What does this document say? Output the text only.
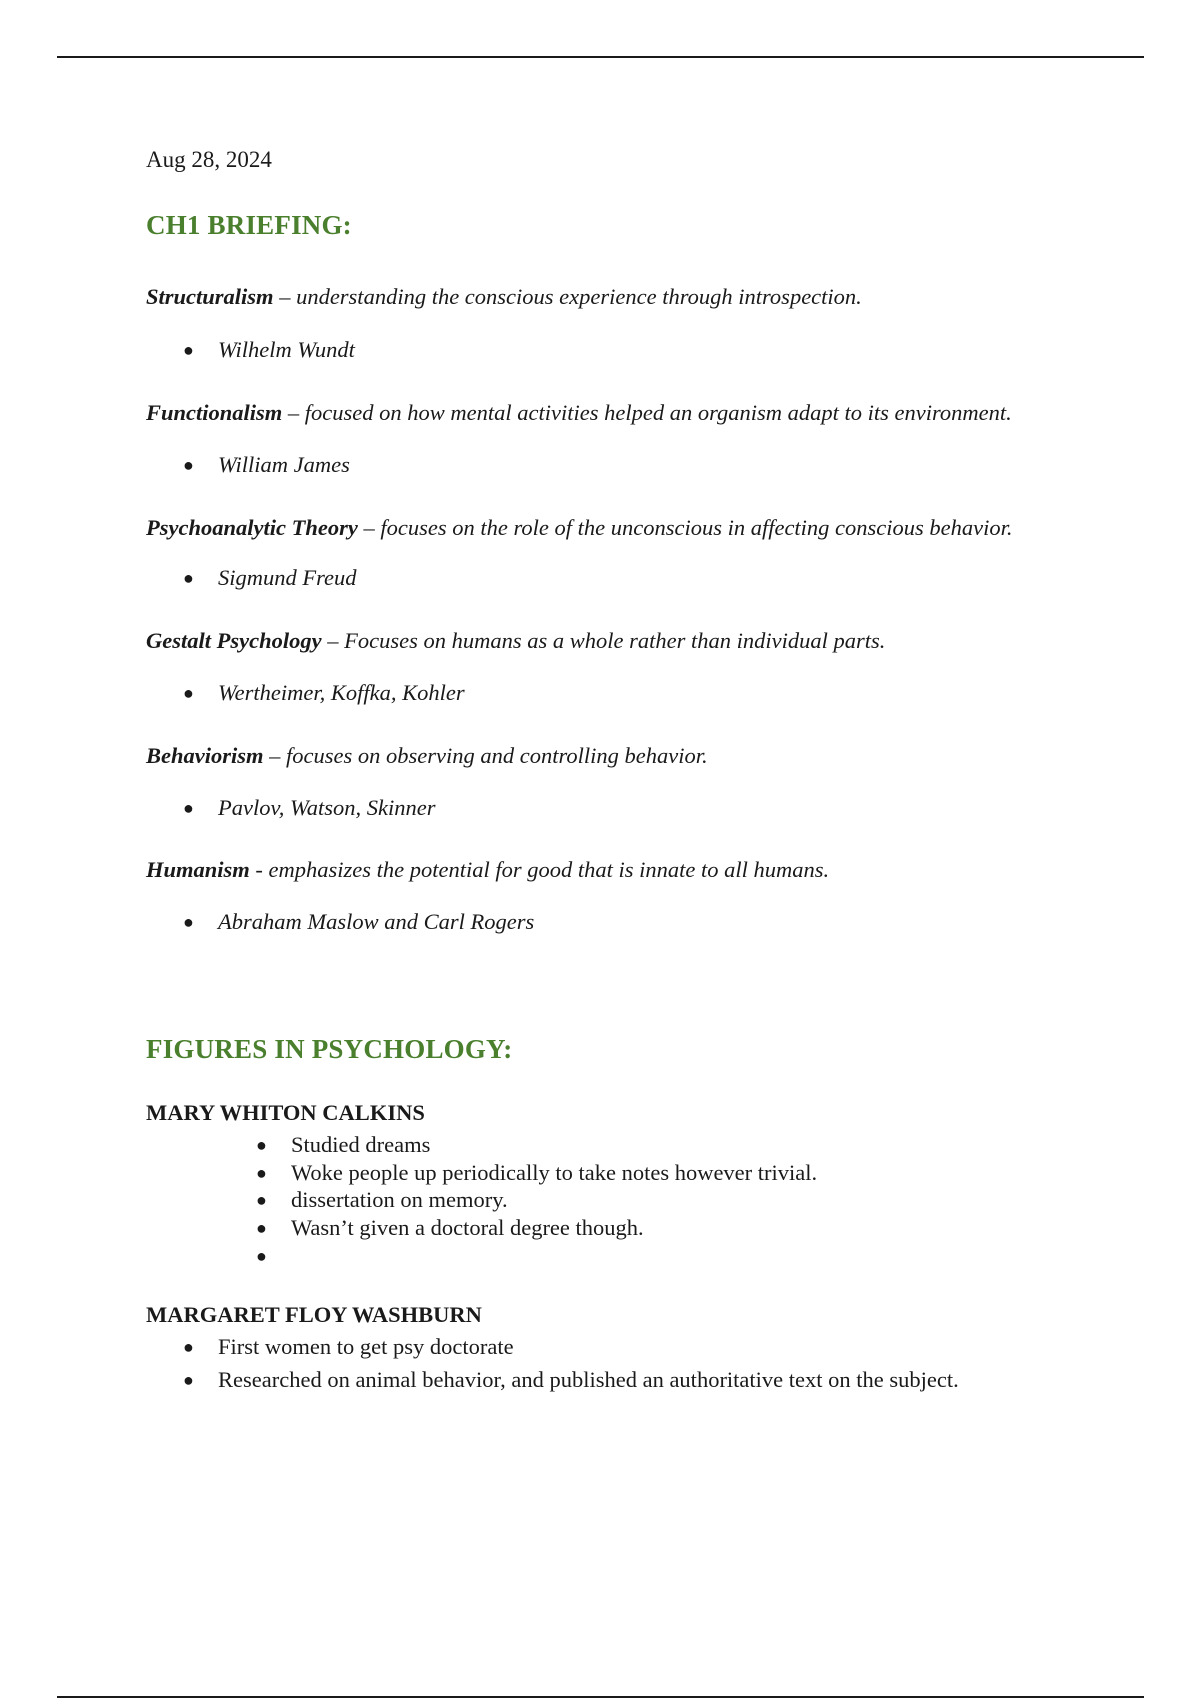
Aug 28, 2024
CH1 BRIEFING:
Structuralism – understanding the conscious experience through introspection.
● Wilhelm Wundt
Functionalism – focused on how mental activities helped an organism adapt to its environment.
● William James
Psychoanalytic Theory – focuses on the role of the unconscious in affecting conscious behavior.
● Sigmund Freud
Gestalt Psychology – Focuses on humans as a whole rather than individual parts.
● Wertheimer, Koffka, Kohler
Behaviorism – focuses on observing and controlling behavior.
● Pavlov, Watson, Skinner
Humanism - emphasizes the potential for good that is innate to all humans.
● Abraham Maslow and Carl Rogers
FIGURES IN PSYCHOLOGY:
MARY WHITON CALKINS
● Studied dreams
● Woke people up periodically to take notes however trivial.
● dissertation on memory.
● Wasn’t given a doctoral degree though.
●
MARGARET FLOY WASHBURN
● First women to get psy doctorate
● Researched on animal behavior, and published an authoritative text on the subject.
